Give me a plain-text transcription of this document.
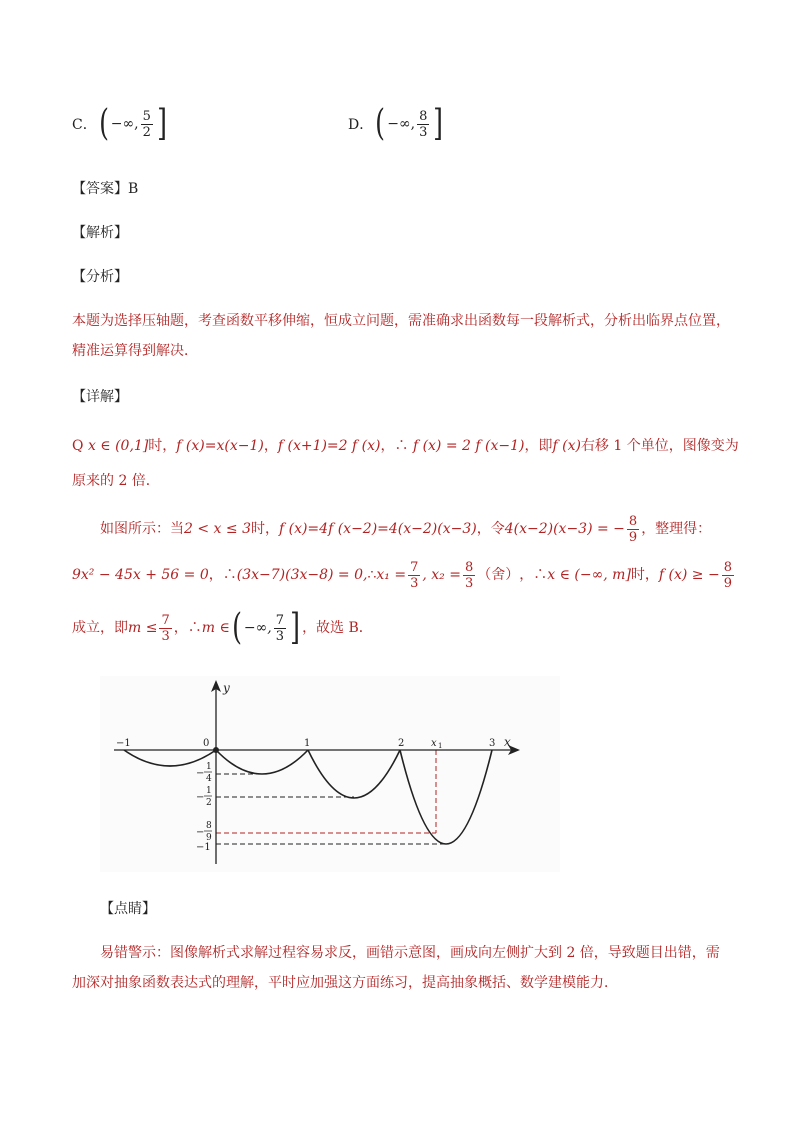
C． ( −∞, $\frac{5}{2}$ ]	D． ( −∞, $\frac{8}{3}$ ]
【答案】B
【解析】
【分析】
本题为选择压轴题，考查函数平移伸缩，恒成立问题，需准确求出函数每一段解析式，分析出临界点位置，
精准运算得到解决．
【详解】
Q x ∈ (0,1]时，f (x)=x(x−1)，f (x+1)=2 f (x)，∴ f (x) = 2 f (x−1)，即f (x)右移 1 个单位，图像变为
原来的 2 倍．
如图所示：当 2 < x ≤ 3 时， f (x)=4f (x−2)=4(x−2)(x−3) ，令 4(x−2)(x−3) = − $\frac{8}{9}$ ，整理得：
9x² − 45x + 56 = 0 ，∴ (3x−7)(3x−8) = 0, ∴ $x_1 = \frac{7}{3}$ , $x_2 = \frac{8}{3}$ （舍） ，∴ x ∈ (−∞, m] 时， f (x) ≥ − $\frac{8}{9}$
成立，即 $m \le \frac{7}{3}$ ，∴ m ∈ ( −∞, $\frac{7}{3}$ ] ，故选 B．
y
x
−1	0	1	2	x 1	3
−
1
4
−
1
2
−
8
9
−1
【点睛】
易错警示：图像解析式求解过程容易求反，画错示意图，画成向左侧扩大到 2 倍，导致题目出错，需
加深对抽象函数表达式的理解，平时应加强这方面练习，提高抽象概括、数学建模能力．
